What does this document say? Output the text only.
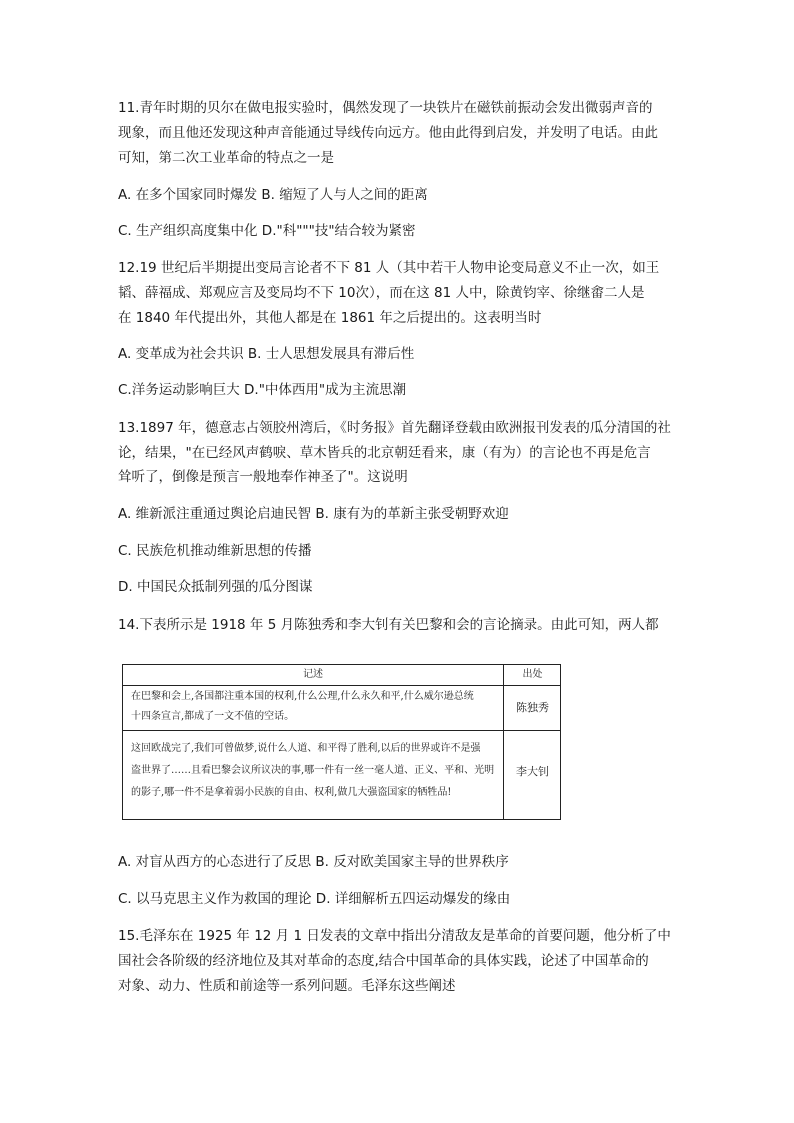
11.青年时期的贝尔在做电报实验时，偶然发现了一块铁片在磁铁前振动会发出微弱声音的
现象，而且他还发现这种声音能通过导线传向远方。他由此得到启发，并发明了电话。由此
可知，第二次工业革命的特点之一是
A. 在多个国家同时爆发 B. 缩短了人与人之间的距离
C. 生产组织高度集中化 D."科"""技"结合较为紧密
12.19 世纪后半期提出变局言论者不下 81 人（其中若干人物申论变局意义不止一次，如王
韬、薛福成、郑观应言及变局均不下 10次），而在这 81 人中，除黄钧宰、徐继畬二人是
在 1840 年代提出外，其他人都是在 1861 年之后提出的。这表明当时
A. 变革成为社会共识 B. 士人思想发展具有滞后性
C.洋务运动影响巨大 D."中体西用"成为主流思潮
13.1897 年，德意志占领胶州湾后，《时务报》首先翻译登载由欧洲报刊发表的瓜分清国的社
论，结果，"在已经风声鹤唳、草木皆兵的北京朝廷看来，康（有为）的言论也不再是危言
耸听了，倒像是预言一般地奉作神圣了"。这说明
A. 维新派注重通过舆论启迪民智 B. 康有为的革新主张受朝野欢迎
C. 民族危机推动维新思想的传播
D. 中国民众抵制列强的瓜分图谋
14.下表所示是 1918 年 5 月陈独秀和李大钊有关巴黎和会的言论摘录。由此可知，两人都
记述	出处
在巴黎和会上,各国都注重本国的权利,什么公理,什么永久和平,什么威尔逊总统
十四条宣言,都成了一文不值的空话。
陈独秀
这回欧战完了,我们可曾做梦,说什么人道、和平得了胜利,以后的世界或许不是强
盗世界了……且看巴黎会议所议决的事,哪一件有一丝一毫人道、正义、平和、光明
的影子,哪一件不是拿着弱小民族的自由、权利,做几大强盗国家的牺牲品!
李大钊
A. 对盲从西方的心态进行了反思 B. 反对欧美国家主导的世界秩序
C. 以马克思主义作为救国的理论 D. 详细解析五四运动爆发的缘由
15.毛泽东在 1925 年 12 月 1 日发表的文章中指出分清敌友是革命的首要问题，他分析了中
国社会各阶级的经济地位及其对革命的态度,结合中国革命的具体实践，论述了中国革命的
对象、动力、性质和前途等一系列问题。毛泽东这些阐述
